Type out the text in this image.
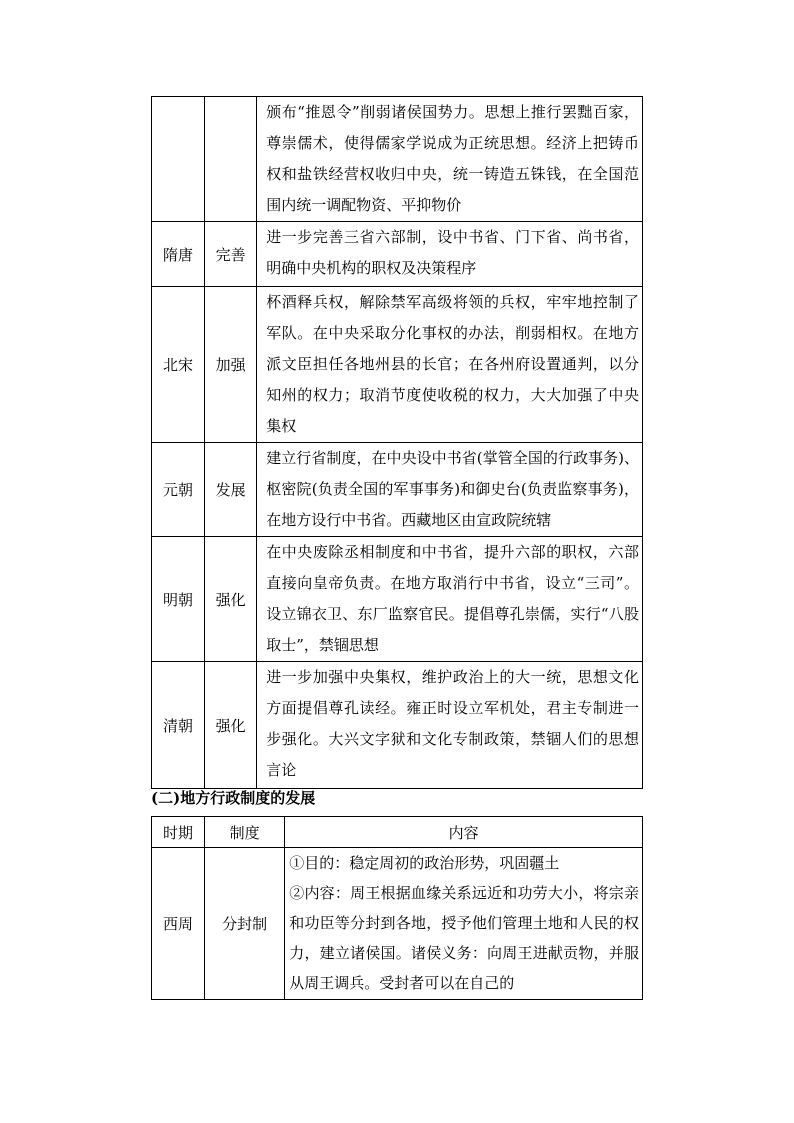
		颁布“推恩令”削弱诸侯国势力。思想上推行罢黜百家，尊崇儒术，使得儒家学说成为正统思想。经济上把铸币权和盐铁经营权收归中央，统一铸造五铢钱，在全国范围内统一调配物资、平抑物价
隋唐	完善	进一步完善三省六部制，设中书省、门下省、尚书省，明确中央机构的职权及决策程序
北宋	加强	杯酒释兵权，解除禁军高级将领的兵权，牢牢地控制了军队。在中央采取分化事权的办法，削弱相权。在地方派文臣担任各地州县的长官；在各州府设置通判，以分知州的权力；取消节度使收税的权力，大大加强了中央集权
元朝	发展	建立行省制度，在中央设中书省(掌管全国的行政事务)、枢密院(负责全国的军事事务)和御史台(负责监察事务)，在地方设行中书省。西藏地区由宣政院统辖
明朝	强化	在中央废除丞相制度和中书省，提升六部的职权，六部直接向皇帝负责。在地方取消行中书省，设立“三司”。设立锦衣卫、东厂监察官民。提倡尊孔崇儒，实行“八股取士”，禁锢思想
清朝	强化	进一步加强中央集权，维护政治上的大一统，思想文化方面提倡尊孔读经。雍正时设立军机处，君主专制进一步强化。大兴文字狱和文化专制政策，禁锢人们的思想言论
(二)地方行政制度的发展
时期	制度	内容
西周	分封制	①目的：稳定周初的政治形势，巩固疆土
②内容：周王根据血缘关系远近和功劳大小，将宗亲和功臣等分封到各地，授予他们管理土地和人民的权力，建立诸侯国。诸侯义务：向周王进献贡物，并服从周王调兵。受封者可以在自己的
